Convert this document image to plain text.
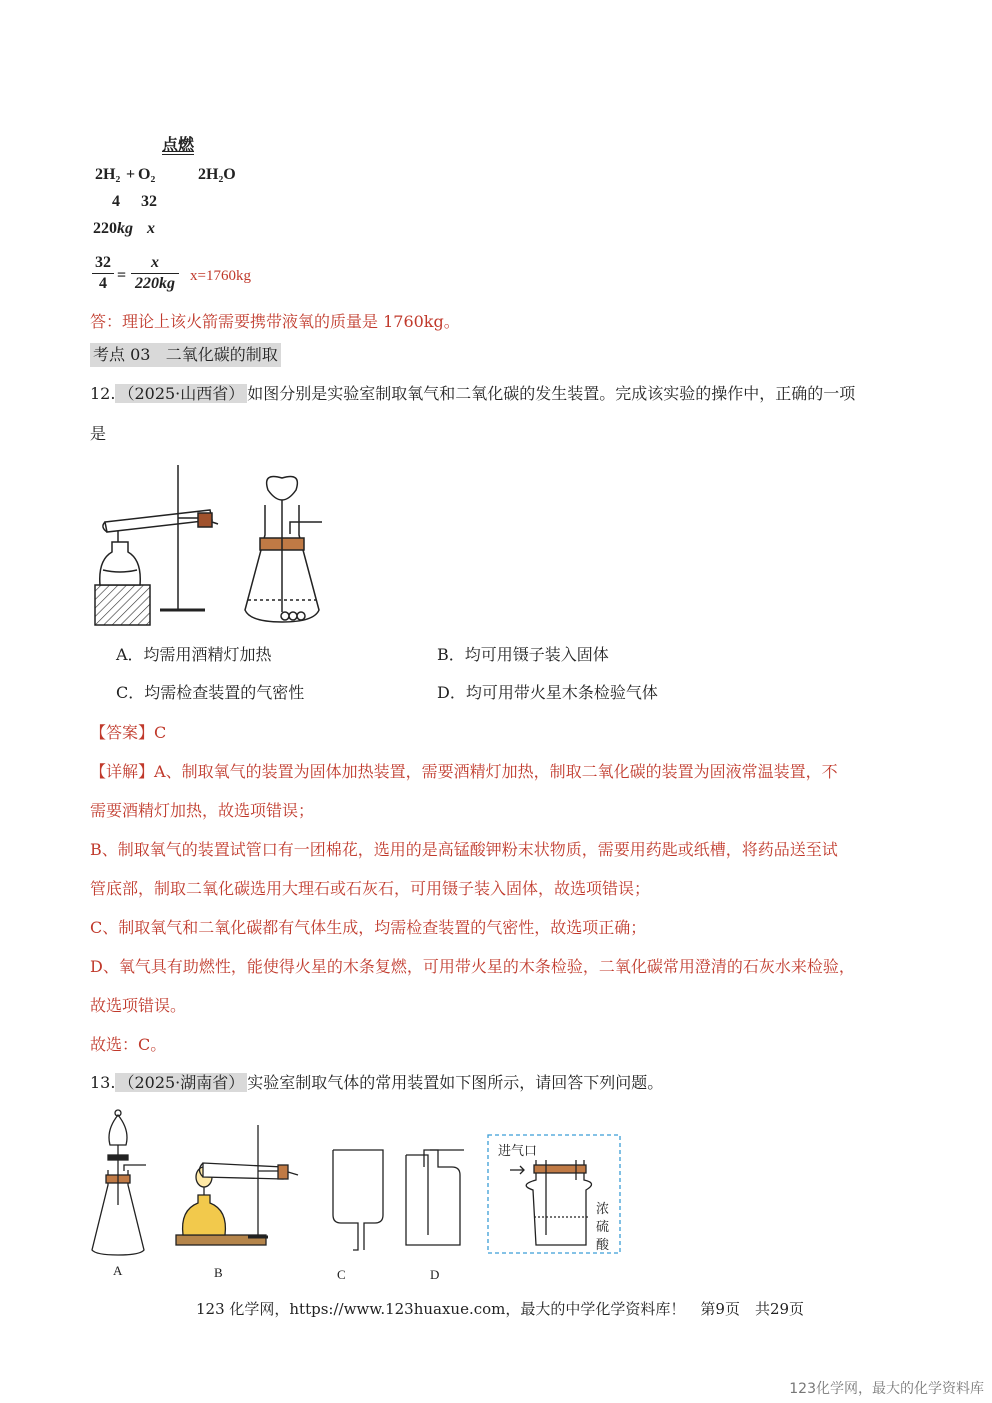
点燃
2H₂ + O₂	2H₂O
4 32
220kg x
32
4 =
x
220kg x=1760kg
答：理论上该火箭需要携带液氧的质量是 1760kg。
考点 03 二氧化碳的制取
12. （2025·山西省） 如图分别是实验室制取氧气和二氧化碳的发生装置。完成该实验的操作中，正确的一项
是
A．均需用酒精灯加热	B．均可用镊子装入固体
C．均需检查装置的气密性	D．均可用带火星木条检验气体
【答案】C
【详解】A、制取氧气的装置为固体加热装置，需要酒精灯加热，制取二氧化碳的装置为固液常温装置，不
需要酒精灯加热，故选项错误；
B、制取氧气的装置试管口有一团棉花，选用的是高锰酸钾粉末状物质，需要用药匙或纸槽，将药品送至试
管底部，制取二氧化碳选用大理石或石灰石，可用镊子装入固体，故选项错误；
C、制取氧气和二氧化碳都有气体生成，均需检查装置的气密性，故选项正确；
D、氧气具有助燃性，能使得火星的木条复燃，可用带火星的木条检验，二氧化碳常用澄清的石灰水来检验，
故选项错误。
故选：C。
13. （2025·湖南省） 实验室制取气体的常用装置如下图所示，请回答下列问题。
进气口
浓
硫
酸
A	B	C	D
123 化学网，https://www.123huaxue.com，最大的中学化学资料库！　第9页　共29页
123化学网，最大的化学资料库
